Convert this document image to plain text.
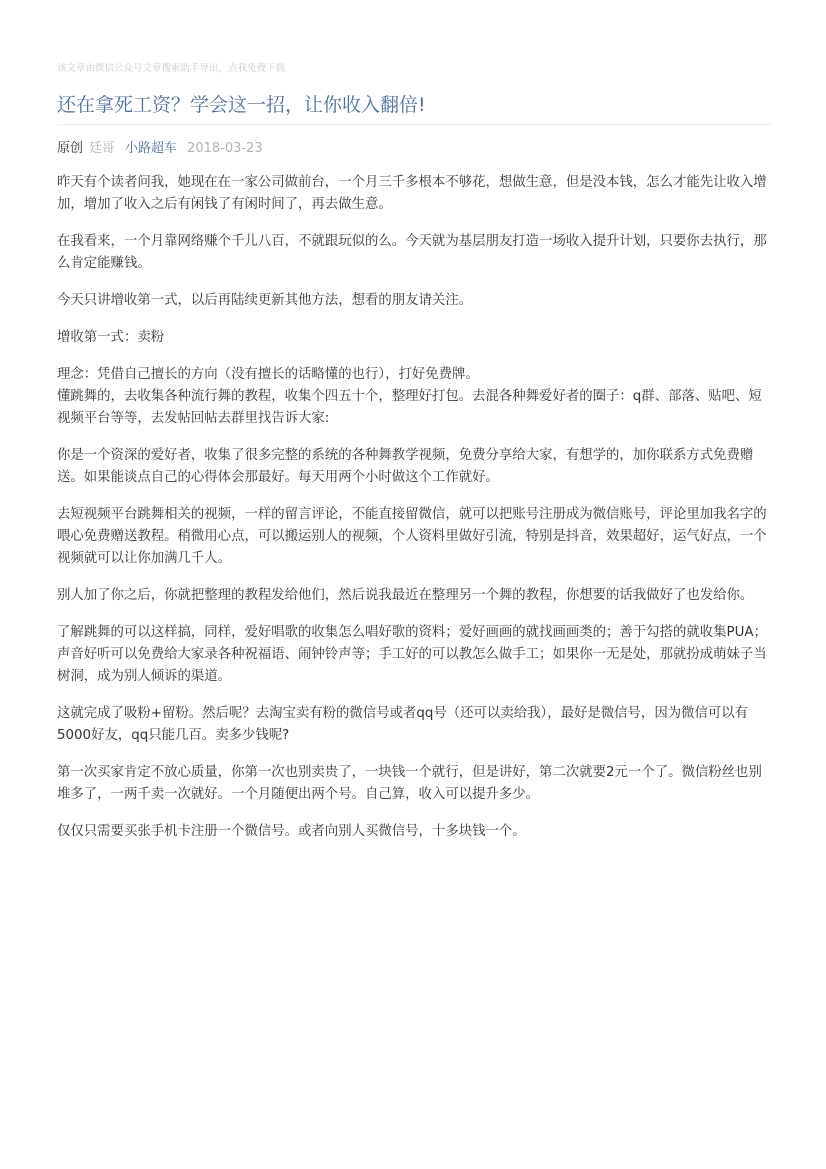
该文章由微信公众号文章搜索助手导出，点我免费下载
还在拿死工资？学会这一招，让你收入翻倍!
原创 廷哥 小路超车 2018-03-23

昨天有个读者问我，她现在在一家公司做前台，一个月三千多根本不够花，想做生意，但是没本钱，怎么才能先让收入增加，增加了收入之后有闲钱了有闲时间了，再去做生意。

在我看来，一个月靠网络赚个千儿八百，不就跟玩似的么。今天就为基层朋友打造一场收入提升计划，只要你去执行，那么肯定能赚钱。

今天只讲增收第一式，以后再陆续更新其他方法，想看的朋友请关注。

增收第一式：卖粉

理念：凭借自己擅长的方向（没有擅长的话略懂的也行），打好免费牌。
懂跳舞的，去收集各种流行舞的教程，收集个四五十个，整理好打包。去混各种舞爱好者的圈子：q群、部落、贴吧、短视频平台等等，去发帖回帖去群里找告诉大家:

你是一个资深的爱好者，收集了很多完整的系统的各种舞教学视频，免费分享给大家，有想学的，加你联系方式免费赠送。如果能谈点自己的心得体会那最好。每天用两个小时做这个工作就好。

去短视频平台跳舞相关的视频，一样的留言评论，不能直接留微信，就可以把账号注册成为微信账号，评论里加我名字的喂心免费赠送教程。稍微用心点，可以搬运别人的视频，个人资料里做好引流，特别是抖音，效果超好，运气好点，一个视频就可以让你加满几千人。

别人加了你之后，你就把整理的教程发给他们，然后说我最近在整理另一个舞的教程，你想要的话我做好了也发给你。

了解跳舞的可以这样搞，同样，爱好唱歌的收集怎么唱好歌的资料；爱好画画的就找画画类的；善于勾搭的就收集PUA；声音好听可以免费给大家录各种祝福语、闹钟铃声等；手工好的可以教怎么做手工；如果你一无是处，那就扮成萌妹子当树洞，成为别人倾诉的渠道。

这就完成了吸粉+留粉。然后呢？去淘宝卖有粉的微信号或者qq号（还可以卖给我），最好是微信号，因为微信可以有5000好友，qq只能几百。卖多少钱呢?

第一次买家肯定不放心质量，你第一次也别卖贵了，一块钱一个就行，但是讲好，第二次就要2元一个了。微信粉丝也别堆多了，一两千卖一次就好。一个月随便出两个号。自己算，收入可以提升多少。

仅仅只需要买张手机卡注册一个微信号。或者向别人买微信号，十多块钱一个。
